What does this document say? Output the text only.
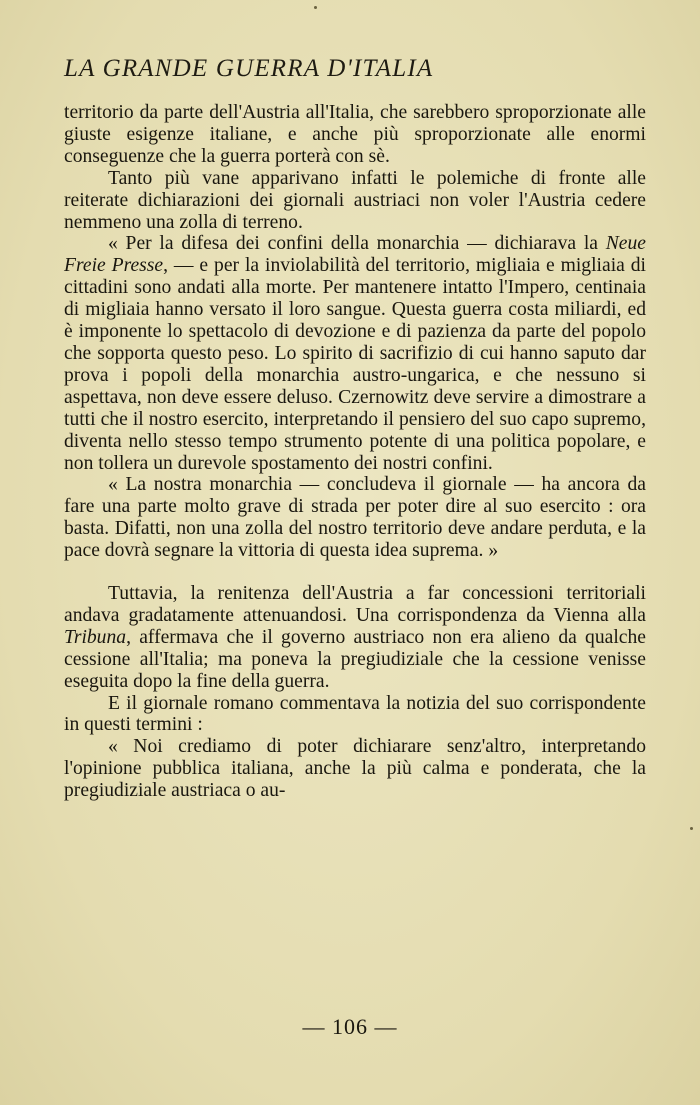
LA GRANDE GUERRA D'ITALIA

territorio da parte dell'Austria all'Italia, che sarebbero sproporzionate alle giuste esigenze italiane, e anche più sproporzionate alle enormi conseguenze che la guerra porterà con sè.

Tanto più vane apparivano infatti le polemiche di fronte alle reiterate dichiarazioni dei giornali austriaci non voler l'Austria cedere nemmeno una zolla di terreno.

« Per la difesa dei confini della monarchia — dichiarava la Neue Freie Presse, — e per la inviolabilità del territorio, migliaia e migliaia di cittadini sono andati alla morte. Per mantenere intatto l'Impero, centinaia di migliaia hanno versato il loro sangue. Questa guerra costa miliardi, ed è imponente lo spettacolo di devozione e di pazienza da parte del popolo che sopporta questo peso. Lo spirito di sacrifizio di cui hanno saputo dar prova i popoli della monarchia austro-ungarica, e che nessuno si aspettava, non deve essere deluso. Czernowitz deve servire a dimostrare a tutti che il nostro esercito, interpretando il pensiero del suo capo supremo, diventa nello stesso tempo strumento potente di una politica popolare, e non tollera un durevole spostamento dei nostri confini.

« La nostra monarchia — concludeva il giornale — ha ancora da fare una parte molto grave di strada per poter dire al suo esercito : ora basta. Difatti, non una zolla del nostro territorio deve andare perduta, e la pace dovrà segnare la vittoria di questa idea suprema. »

Tuttavia, la renitenza dell'Austria a far concessioni territoriali andava gradatamente attenuandosi. Una corrispondenza da Vienna alla Tribuna, affermava che il governo austriaco non era alieno da qualche cessione all'Italia; ma poneva la pregiudiziale che la cessione venisse eseguita dopo la fine della guerra.

E il giornale romano commentava la notizia del suo corrispondente in questi termini :

« Noi crediamo di poter dichiarare senz'altro, interpretando l'opinione pubblica italiana, anche la più calma e ponderata, che la pregiudiziale austriaca o au-

— 106 —
